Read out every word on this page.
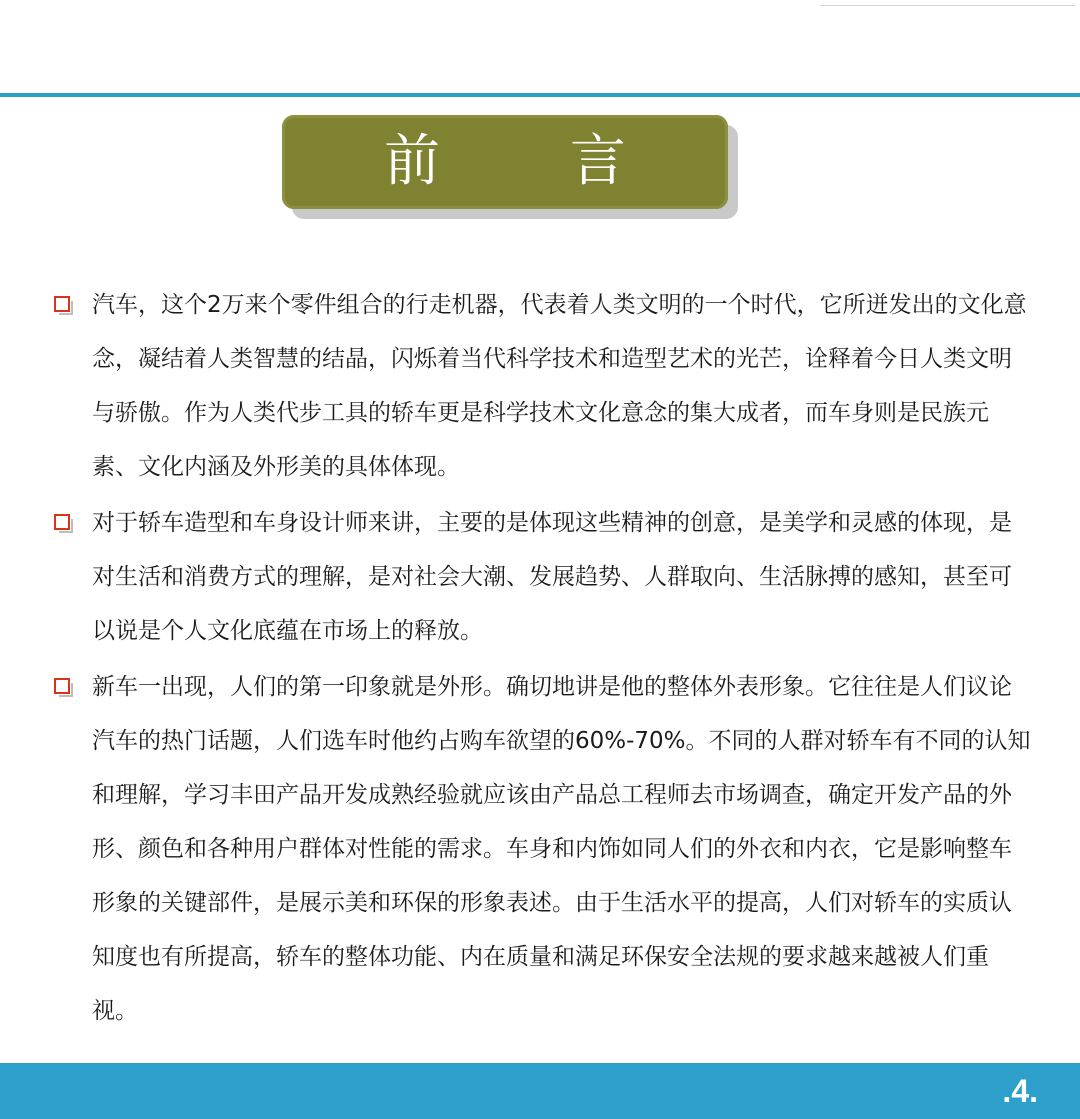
前 言
汽车，这个2万来个零件组合的行走机器，代表着人类文明的一个时代，它所迸发出的文化意念，凝结着人类智慧的结晶，闪烁着当代科学技术和造型艺术的光芒，诠释着今日人类文明与骄傲。作为人类代步工具的轿车更是科学技术文化意念的集大成者，而车身则是民族元素、文化内涵及外形美的具体体现。
对于轿车造型和车身设计师来讲，主要的是体现这些精神的创意，是美学和灵感的体现，是对生活和消费方式的理解，是对社会大潮、发展趋势、人群取向、生活脉搏的感知，甚至可以说是个人文化底蕴在市场上的释放。
新车一出现，人们的第一印象就是外形。确切地讲是他的整体外表形象。它往往是人们议论汽车的热门话题，人们选车时他约占购车欲望的60%-70%。不同的人群对轿车有不同的认知和理解，学习丰田产品开发成熟经验就应该由产品总工程师去市场调查，确定开发产品的外形、颜色和各种用户群体对性能的需求。车身和内饰如同人们的外衣和内衣，它是影响整车形象的关键部件，是展示美和环保的形象表述。由于生活水平的提高，人们对轿车的实质认知度也有所提高，轿车的整体功能、内在质量和满足环保安全法规的要求越来越被人们重视。
.4.
